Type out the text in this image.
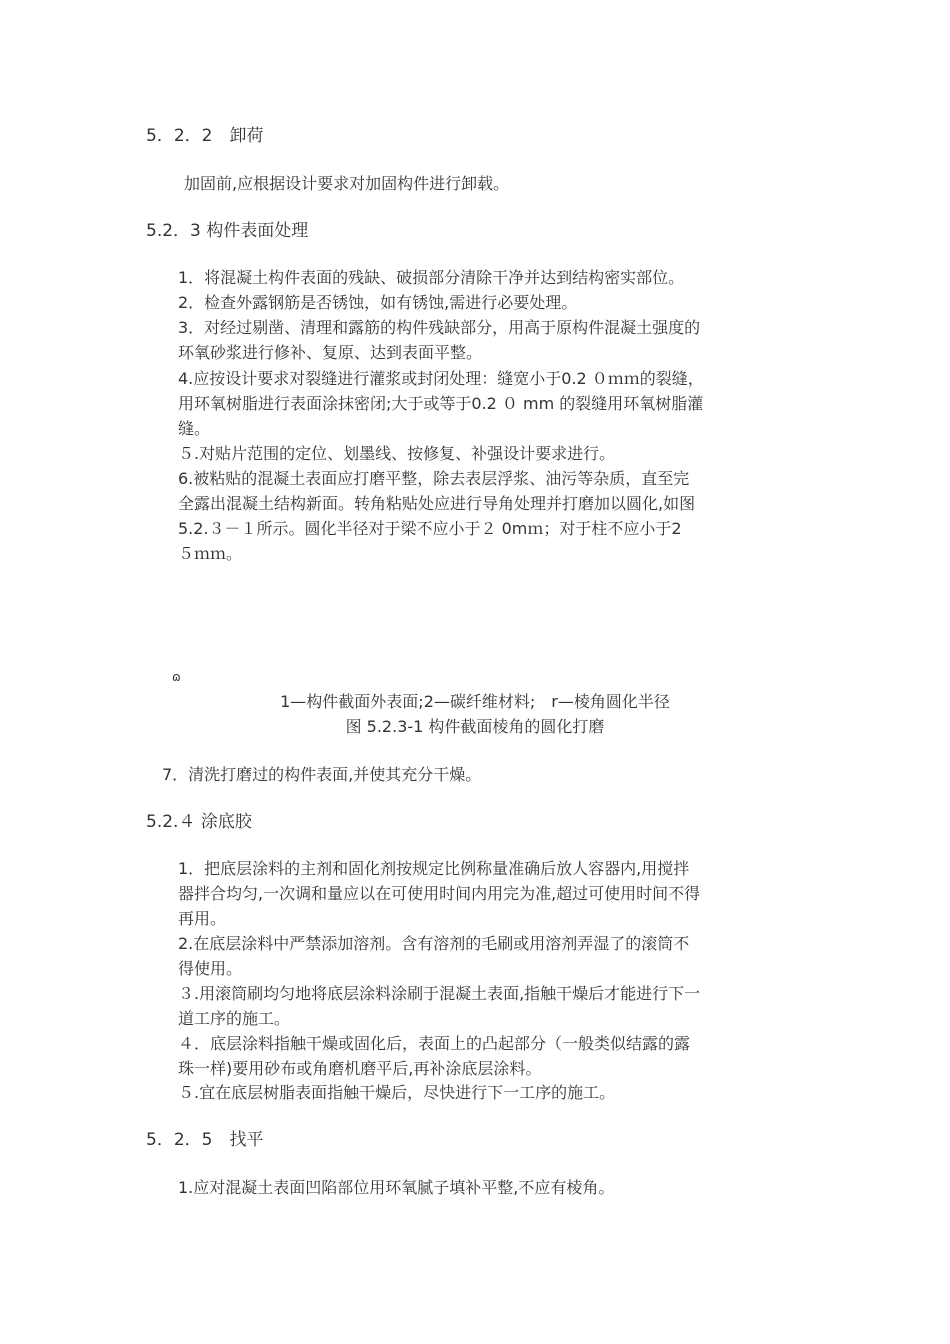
5．2．2　卸荷
加固前,应根据设计要求对加固构件进行卸载。
5.2．3 构件表面处理
1．将混凝土构件表面的残缺、破损部分清除干净并达到结构密实部位。
2．检查外露钢筋是否锈蚀，如有锈蚀,需进行必要处理。
3．对经过剔凿、清理和露筋的构件残缺部分，用高于原构件混凝土强度的
环氧砂浆进行修补、复原、达到表面平整。
4.应按设计要求对裂缝进行灌浆或封闭处理：缝宽小于0.2 ０ｍｍ的裂缝，
用环氧树脂进行表面涂抹密闭;大于或等于0.2 ０ mm 的裂缝用环氧树脂灌
缝。
５.对贴片范围的定位、划墨线、按修复、补强设计要求进行。
6.被粘贴的混凝土表面应打磨平整，除去表层浮浆、油污等杂质，直至完
全露出混凝土结构新面。转角粘贴处应进行导角处理并打磨加以圆化,如图
5.2.３－１所示。圆化半径对于梁不应小于２ 0mｍ；对于柱不应小于2
５ｍｍ。
ɷ
1—构件截面外表面;2—碳纤维材料;　r—棱角圆化半径
图 5.2.3-1 构件截面棱角的圆化打磨
7．清洗打磨过的构件表面,并使其充分干燥。
5.2.４ 涂底胶
1．把底层涂料的主剂和固化剂按规定比例称量准确后放人容器内,用搅拌
器拌合均匀,一次调和量应以在可使用时间内用完为准,超过可使用时间不得
再用。
2.在底层涂料中严禁添加溶剂。含有溶剂的毛刷或用溶剂弄湿了的滚筒不
得使用。
３.用滚筒刷均匀地将底层涂料涂刷于混凝土表面,指触干燥后才能进行下一
道工序的施工。
４．底层涂料指触干燥或固化后，表面上的凸起部分（一般类似结露的露
珠一样)要用砂布或角磨机磨平后,再补涂底层涂料。
５.宜在底层树脂表面指触干燥后，尽快进行下一工序的施工。
5．2．5　找平
1.应对混凝土表面凹陷部位用环氧腻子填补平整,不应有棱角。
